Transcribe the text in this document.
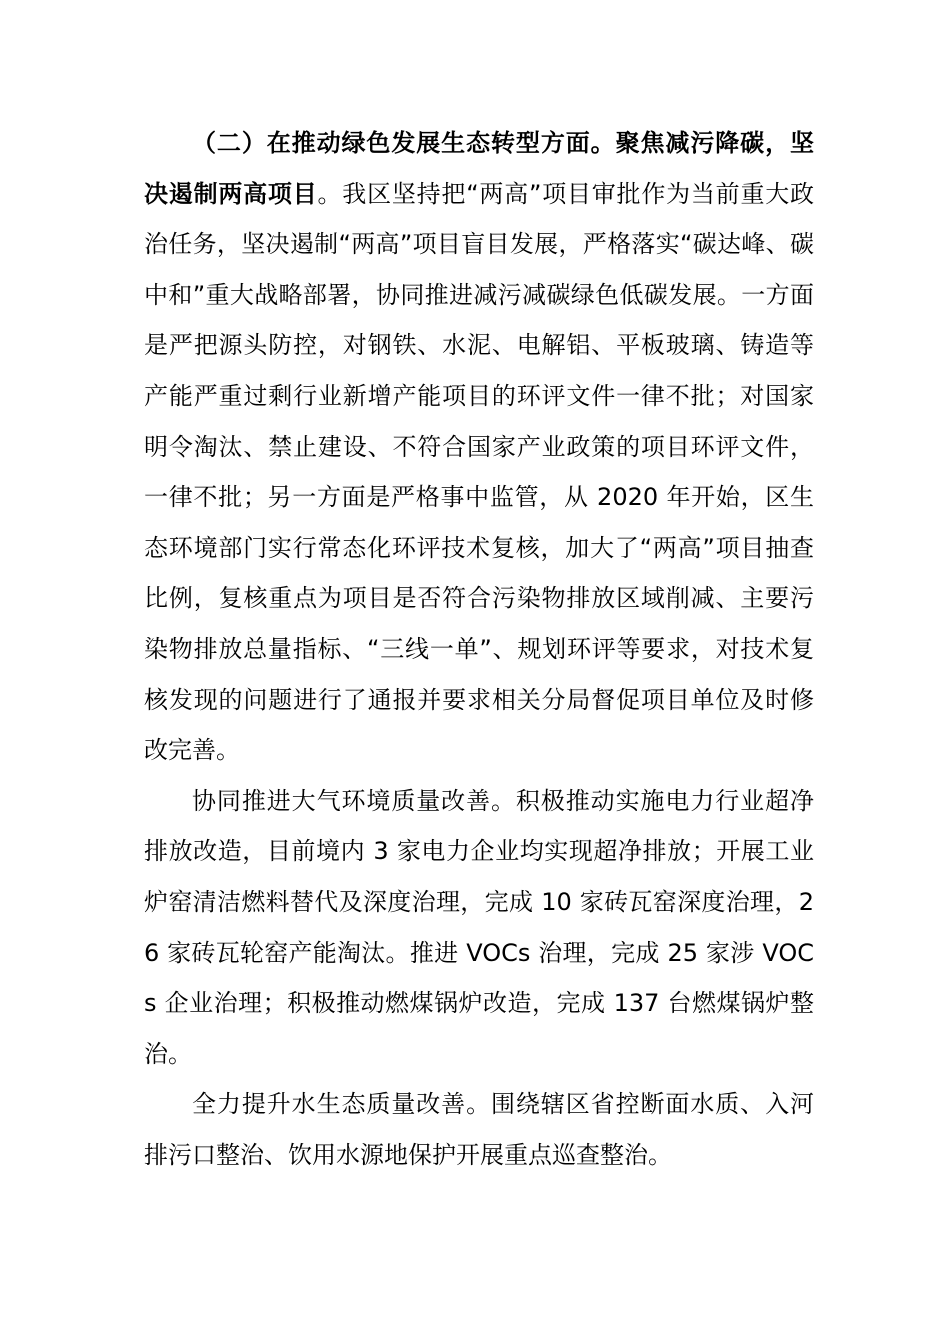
（二）在推动绿色发展生态转型方面。聚焦减污降碳，坚决遏制两高项目。我区坚持把“两高”项目审批作为当前重大政治任务，坚决遏制“两高”项目盲目发展，严格落实“碳达峰、碳中和”重大战略部署，协同推进减污减碳绿色低碳发展。一方面是严把源头防控，对钢铁、水泥、电解铝、平板玻璃、铸造等产能严重过剩行业新增产能项目的环评文件一律不批；对国家明令淘汰、禁止建设、不符合国家产业政策的项目环评文件，一律不批；另一方面是严格事中监管，从 2020 年开始，区生态环境部门实行常态化环评技术复核，加大了“两高”项目抽查比例，复核重点为项目是否符合污染物排放区域削减、主要污染物排放总量指标、“三线一单”、规划环评等要求，对技术复核发现的问题进行了通报并要求相关分局督促项目单位及时修改完善。

协同推进大气环境质量改善。积极推动实施电力行业超净排放改造，目前境内 3 家电力企业均实现超净排放；开展工业炉窑清洁燃料替代及深度治理，完成 10 家砖瓦窑深度治理，26 家砖瓦轮窑产能淘汰。推进 VOCs 治理，完成 25 家涉 VOCs 企业治理；积极推动燃煤锅炉改造，完成 137 台燃煤锅炉整治。

全力提升水生态质量改善。围绕辖区省控断面水质、入河排污口整治、饮用水源地保护开展重点巡查整治。
